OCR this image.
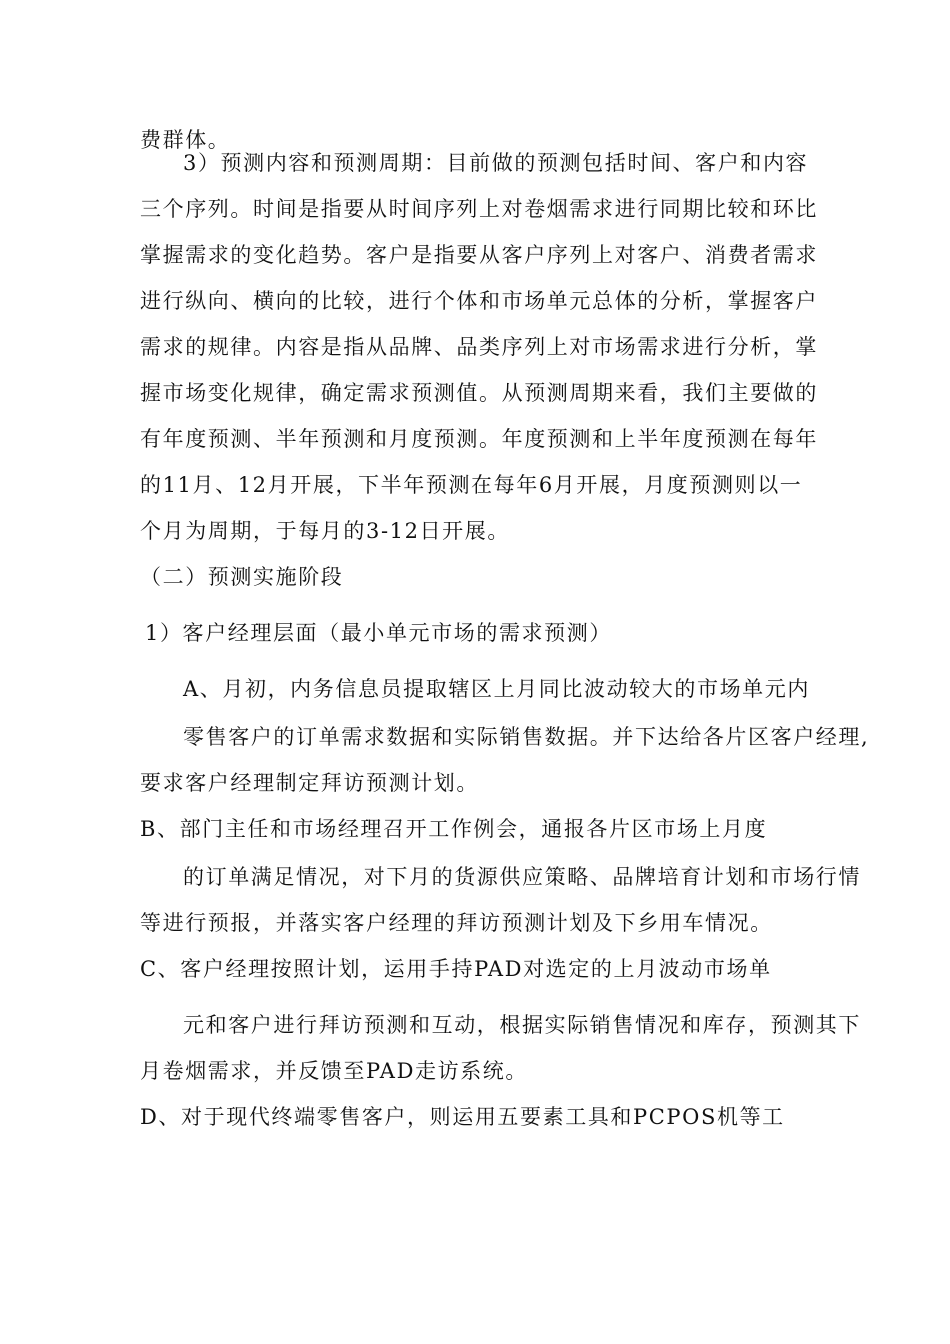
费群体。
3）预测内容和预测周期：目前做的预测包括时间、客户和内容
三个序列。时间是指要从时间序列上对卷烟需求进行同期比较和环比
掌握需求的变化趋势。客户是指要从客户序列上对客户、消费者需求
进行纵向、横向的比较，进行个体和市场单元总体的分析，掌握客户
需求的规律。内容是指从品牌、品类序列上对市场需求进行分析，掌
握市场变化规律，确定需求预测值。从预测周期来看，我们主要做的
有年度预测、半年预测和月度预测。年度预测和上半年度预测在每年
的11月、12月开展，下半年预测在每年6月开展，月度预测则以一
个月为周期，于每月的3-12日开展。
（二）预测实施阶段
1）客户经理层面（最小单元市场的需求预测）
A、月初，内务信息员提取辖区上月同比波动较大的市场单元内
零售客户的订单需求数据和实际销售数据。并下达给各片区客户经理,
要求客户经理制定拜访预测计划。
B、部门主任和市场经理召开工作例会，通报各片区市场上月度
的订单满足情况，对下月的货源供应策略、品牌培育计划和市场行情
等进行预报，并落实客户经理的拜访预测计划及下乡用车情况。
C、客户经理按照计划，运用手持PAD对选定的上月波动市场单
元和客户进行拜访预测和互动，根据实际销售情况和库存，预测其下
月卷烟需求，并反馈至PAD走访系统。
D、对于现代终端零售客户，则运用五要素工具和PCPOS机等工
